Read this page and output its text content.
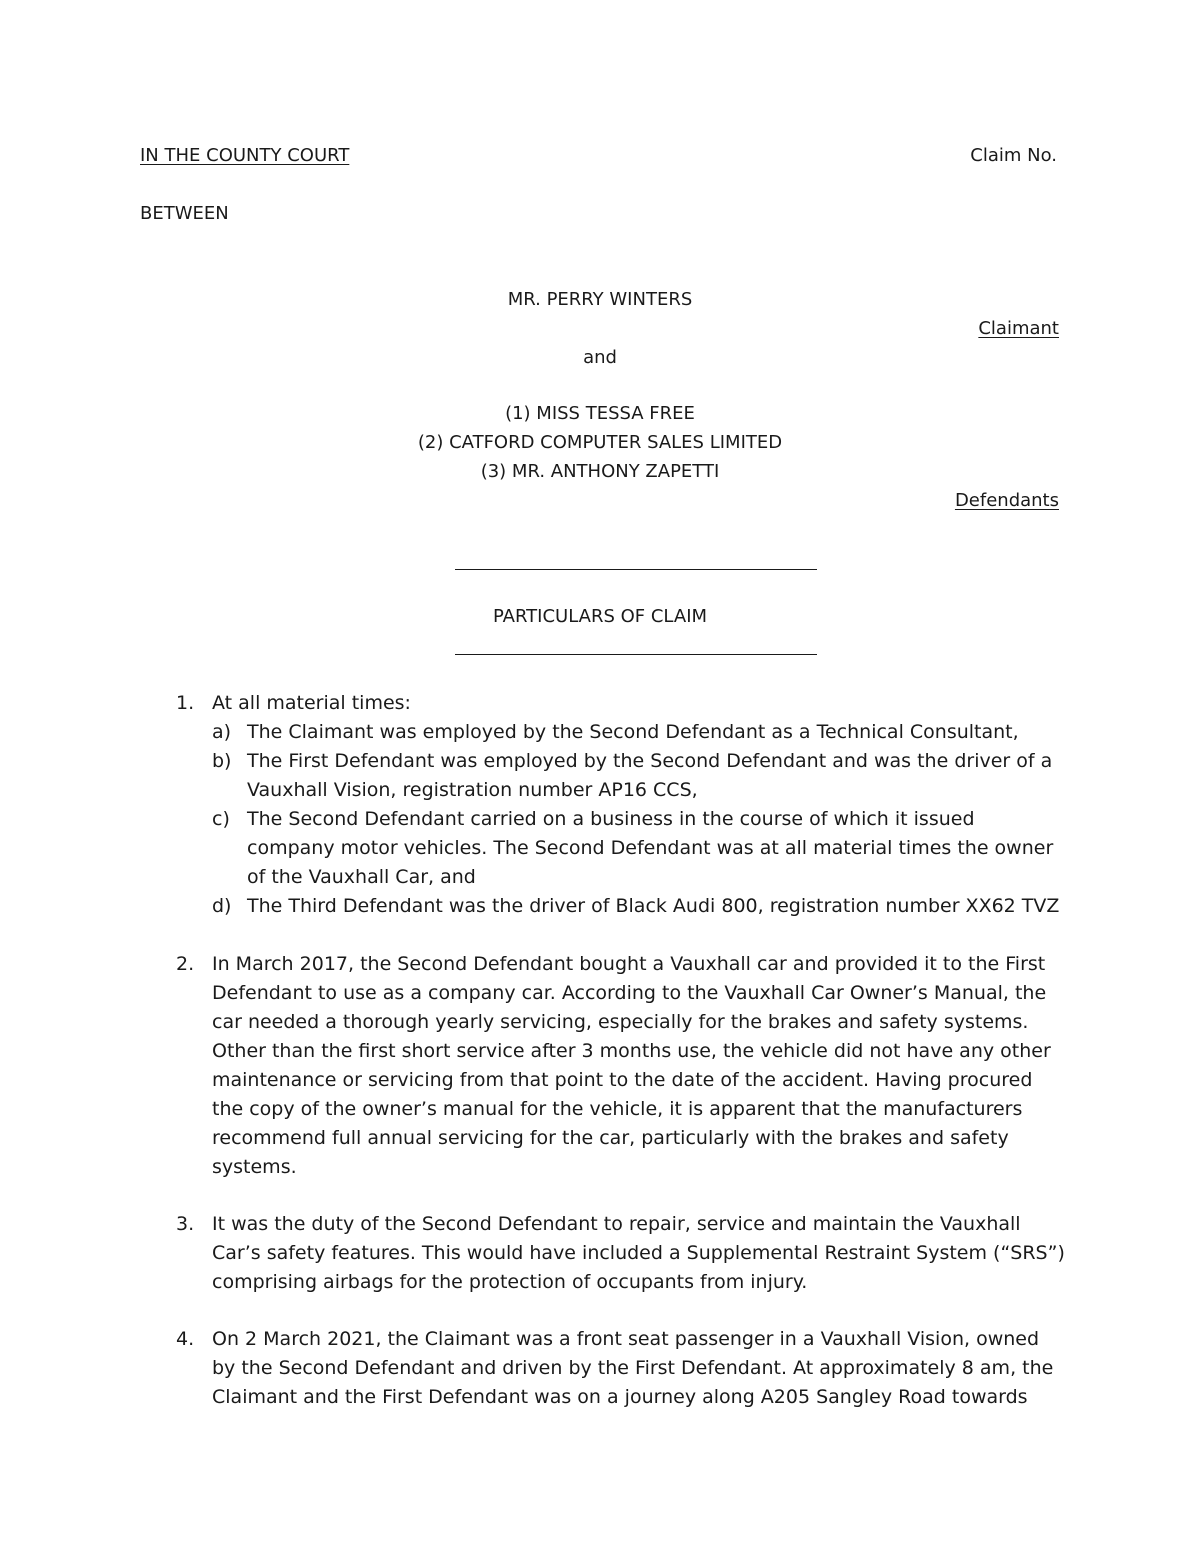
IN THE COUNTY COURT	Claim No.
BETWEEN
MR. PERRY WINTERS
Claimant
and
(1) MISS TESSA FREE
(2) CATFORD COMPUTER SALES LIMITED
(3) MR. ANTHONY ZAPETTI
Defendants
PARTICULARS OF CLAIM
1. At all material times:
a) The Claimant was employed by the Second Defendant as a Technical Consultant,
b) The First Defendant was employed by the Second Defendant and was the driver of a
Vauxhall Vision, registration number AP16 CCS,
c) The Second Defendant carried on a business in the course of which it issued
company motor vehicles. The Second Defendant was at all material times the owner
of the Vauxhall Car, and
d) The Third Defendant was the driver of Black Audi 800, registration number XX62 TVZ
2. In March 2017, the Second Defendant bought a Vauxhall car and provided it to the First
Defendant to use as a company car. According to the Vauxhall Car Owner’s Manual, the
car needed a thorough yearly servicing, especially for the brakes and safety systems.
Other than the first short service after 3 months use, the vehicle did not have any other
maintenance or servicing from that point to the date of the accident. Having procured
the copy of the owner’s manual for the vehicle, it is apparent that the manufacturers
recommend full annual servicing for the car, particularly with the brakes and safety
systems.
3. It was the duty of the Second Defendant to repair, service and maintain the Vauxhall
Car’s safety features. This would have included a Supplemental Restraint System (“SRS”)
comprising airbags for the protection of occupants from injury.
4. On 2 March 2021, the Claimant was a front seat passenger in a Vauxhall Vision, owned
by the Second Defendant and driven by the First Defendant. At approximately 8 am, the
Claimant and the First Defendant was on a journey along A205 Sangley Road towards
